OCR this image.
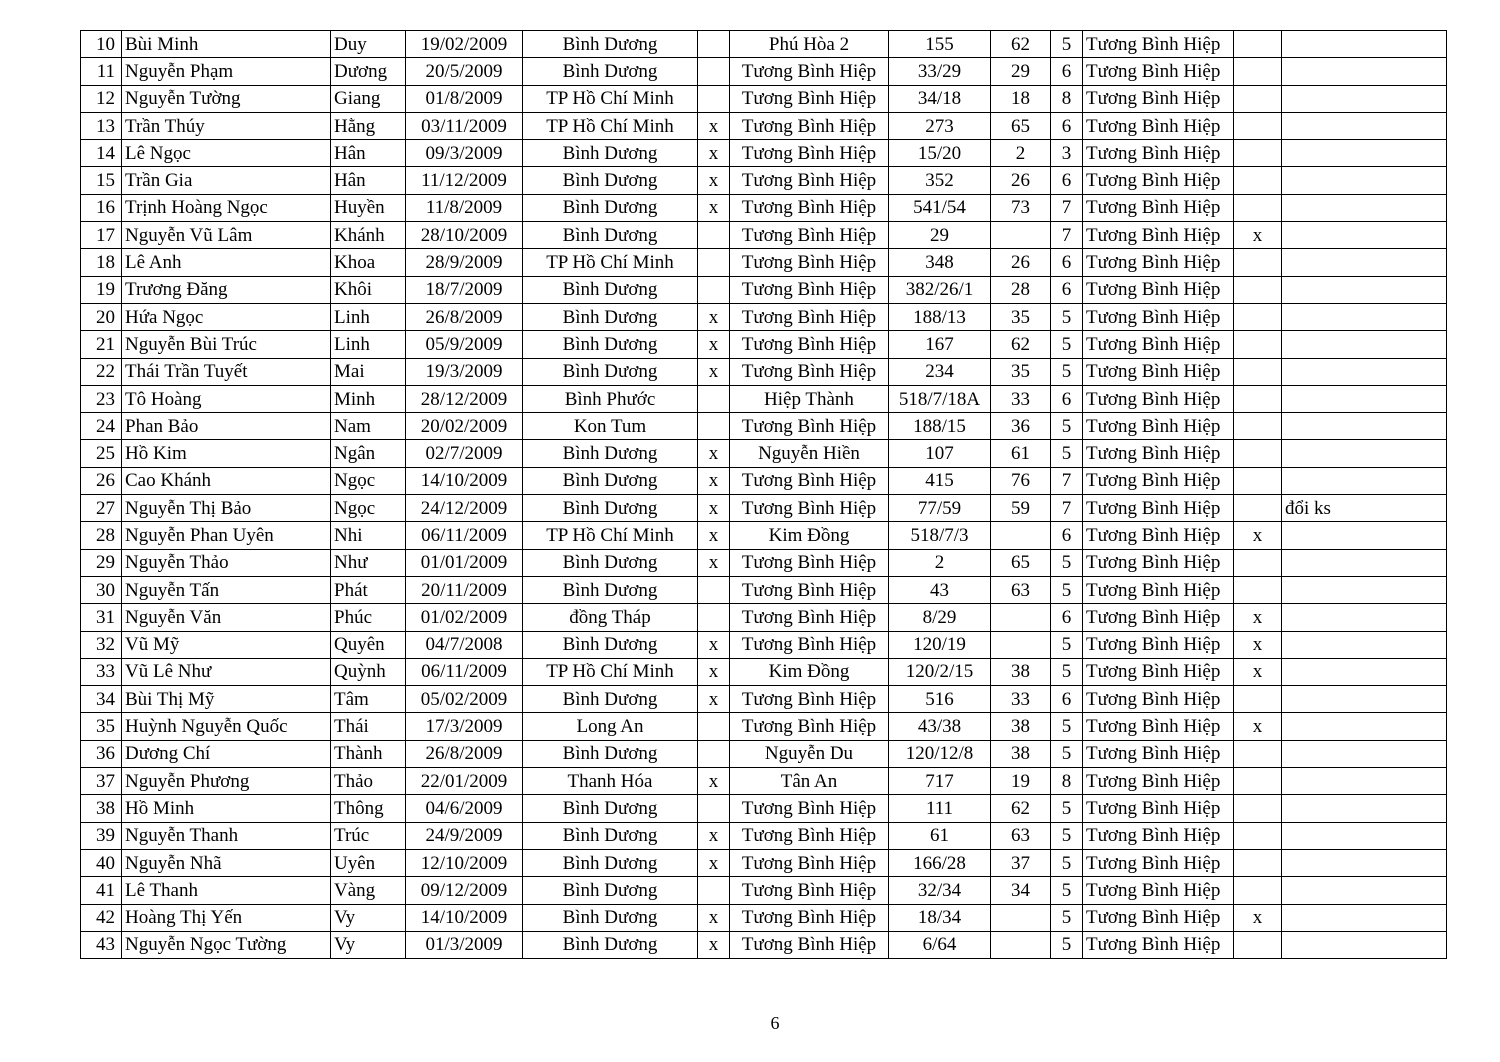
10	Bùi Minh	Duy	19/02/2009	Bình Dương		Phú Hòa 2	155	62	5	Tương Bình Hiệp		
11	Nguyễn Phạm	Dương	20/5/2009	Bình Dương		Tương Bình Hiệp	33/29	29	6	Tương Bình Hiệp		
12	Nguyễn Tường	Giang	01/8/2009	TP Hồ Chí Minh		Tương Bình Hiệp	34/18	18	8	Tương Bình Hiệp		
13	Trần Thúy	Hằng	03/11/2009	TP Hồ Chí Minh	x	Tương Bình Hiệp	273	65	6	Tương Bình Hiệp		
14	Lê Ngọc	Hân	09/3/2009	Bình Dương	x	Tương Bình Hiệp	15/20	2	3	Tương Bình Hiệp		
15	Trần Gia	Hân	11/12/2009	Bình Dương	x	Tương Bình Hiệp	352	26	6	Tương Bình Hiệp		
16	Trịnh Hoàng Ngọc	Huyền	11/8/2009	Bình Dương	x	Tương Bình Hiệp	541/54	73	7	Tương Bình Hiệp		
17	Nguyễn Vũ Lâm	Khánh	28/10/2009	Bình Dương		Tương Bình Hiệp	29		7	Tương Bình Hiệp	x	
18	Lê Anh	Khoa	28/9/2009	TP Hồ Chí Minh		Tương Bình Hiệp	348	26	6	Tương Bình Hiệp		
19	Trương Đăng	Khôi	18/7/2009	Bình Dương		Tương Bình Hiệp	382/26/1	28	6	Tương Bình Hiệp		
20	Hứa Ngọc	Linh	26/8/2009	Bình Dương	x	Tương Bình Hiệp	188/13	35	5	Tương Bình Hiệp		
21	Nguyễn Bùi Trúc	Linh	05/9/2009	Bình Dương	x	Tương Bình Hiệp	167	62	5	Tương Bình Hiệp		
22	Thái Trần Tuyết	Mai	19/3/2009	Bình Dương	x	Tương Bình Hiệp	234	35	5	Tương Bình Hiệp		
23	Tô Hoàng	Minh	28/12/2009	Bình Phước		Hiệp Thành	518/7/18A	33	6	Tương Bình Hiệp		
24	Phan Bảo	Nam	20/02/2009	Kon Tum		Tương Bình Hiệp	188/15	36	5	Tương Bình Hiệp		
25	Hồ Kim	Ngân	02/7/2009	Bình Dương	x	Nguyễn Hiền	107	61	5	Tương Bình Hiệp		
26	Cao Khánh	Ngọc	14/10/2009	Bình Dương	x	Tương Bình Hiệp	415	76	7	Tương Bình Hiệp		
27	Nguyễn Thị Bảo	Ngọc	24/12/2009	Bình Dương	x	Tương Bình Hiệp	77/59	59	7	Tương Bình Hiệp		đổi ks
28	Nguyễn Phan Uyên	Nhi	06/11/2009	TP Hồ Chí Minh	x	Kim Đồng	518/7/3		6	Tương Bình Hiệp	x	
29	Nguyễn Thảo	Như	01/01/2009	Bình Dương	x	Tương Bình Hiệp	2	65	5	Tương Bình Hiệp		
30	Nguyễn Tấn	Phát	20/11/2009	Bình Dương		Tương Bình Hiệp	43	63	5	Tương Bình Hiệp		
31	Nguyễn Văn	Phúc	01/02/2009	đồng Tháp		Tương Bình Hiệp	8/29		6	Tương Bình Hiệp	x	
32	Vũ Mỹ	Quyên	04/7/2008	Bình Dương	x	Tương Bình Hiệp	120/19		5	Tương Bình Hiệp	x	
33	Vũ Lê Như	Quỳnh	06/11/2009	TP Hồ Chí Minh	x	Kim Đồng	120/2/15	38	5	Tương Bình Hiệp	x	
34	Bùi Thị Mỹ	Tâm	05/02/2009	Bình Dương	x	Tương Bình Hiệp	516	33	6	Tương Bình Hiệp		
35	Huỳnh Nguyễn Quốc	Thái	17/3/2009	Long An		Tương Bình Hiệp	43/38	38	5	Tương Bình Hiệp	x	
36	Dương Chí	Thành	26/8/2009	Bình Dương		Nguyễn Du	120/12/8	38	5	Tương Bình Hiệp		
37	Nguyễn Phương	Thảo	22/01/2009	Thanh Hóa	x	Tân An	717	19	8	Tương Bình Hiệp		
38	Hồ Minh	Thông	04/6/2009	Bình Dương		Tương Bình Hiệp	111	62	5	Tương Bình Hiệp		
39	Nguyễn Thanh	Trúc	24/9/2009	Bình Dương	x	Tương Bình Hiệp	61	63	5	Tương Bình Hiệp		
40	Nguyễn Nhã	Uyên	12/10/2009	Bình Dương	x	Tương Bình Hiệp	166/28	37	5	Tương Bình Hiệp		
41	Lê Thanh	Vàng	09/12/2009	Bình Dương		Tương Bình Hiệp	32/34	34	5	Tương Bình Hiệp		
42	Hoàng Thị Yến	Vy	14/10/2009	Bình Dương	x	Tương Bình Hiệp	18/34		5	Tương Bình Hiệp	x	
43	Nguyễn Ngọc Tường	Vy	01/3/2009	Bình Dương	x	Tương Bình Hiệp	6/64		5	Tương Bình Hiệp		
6
